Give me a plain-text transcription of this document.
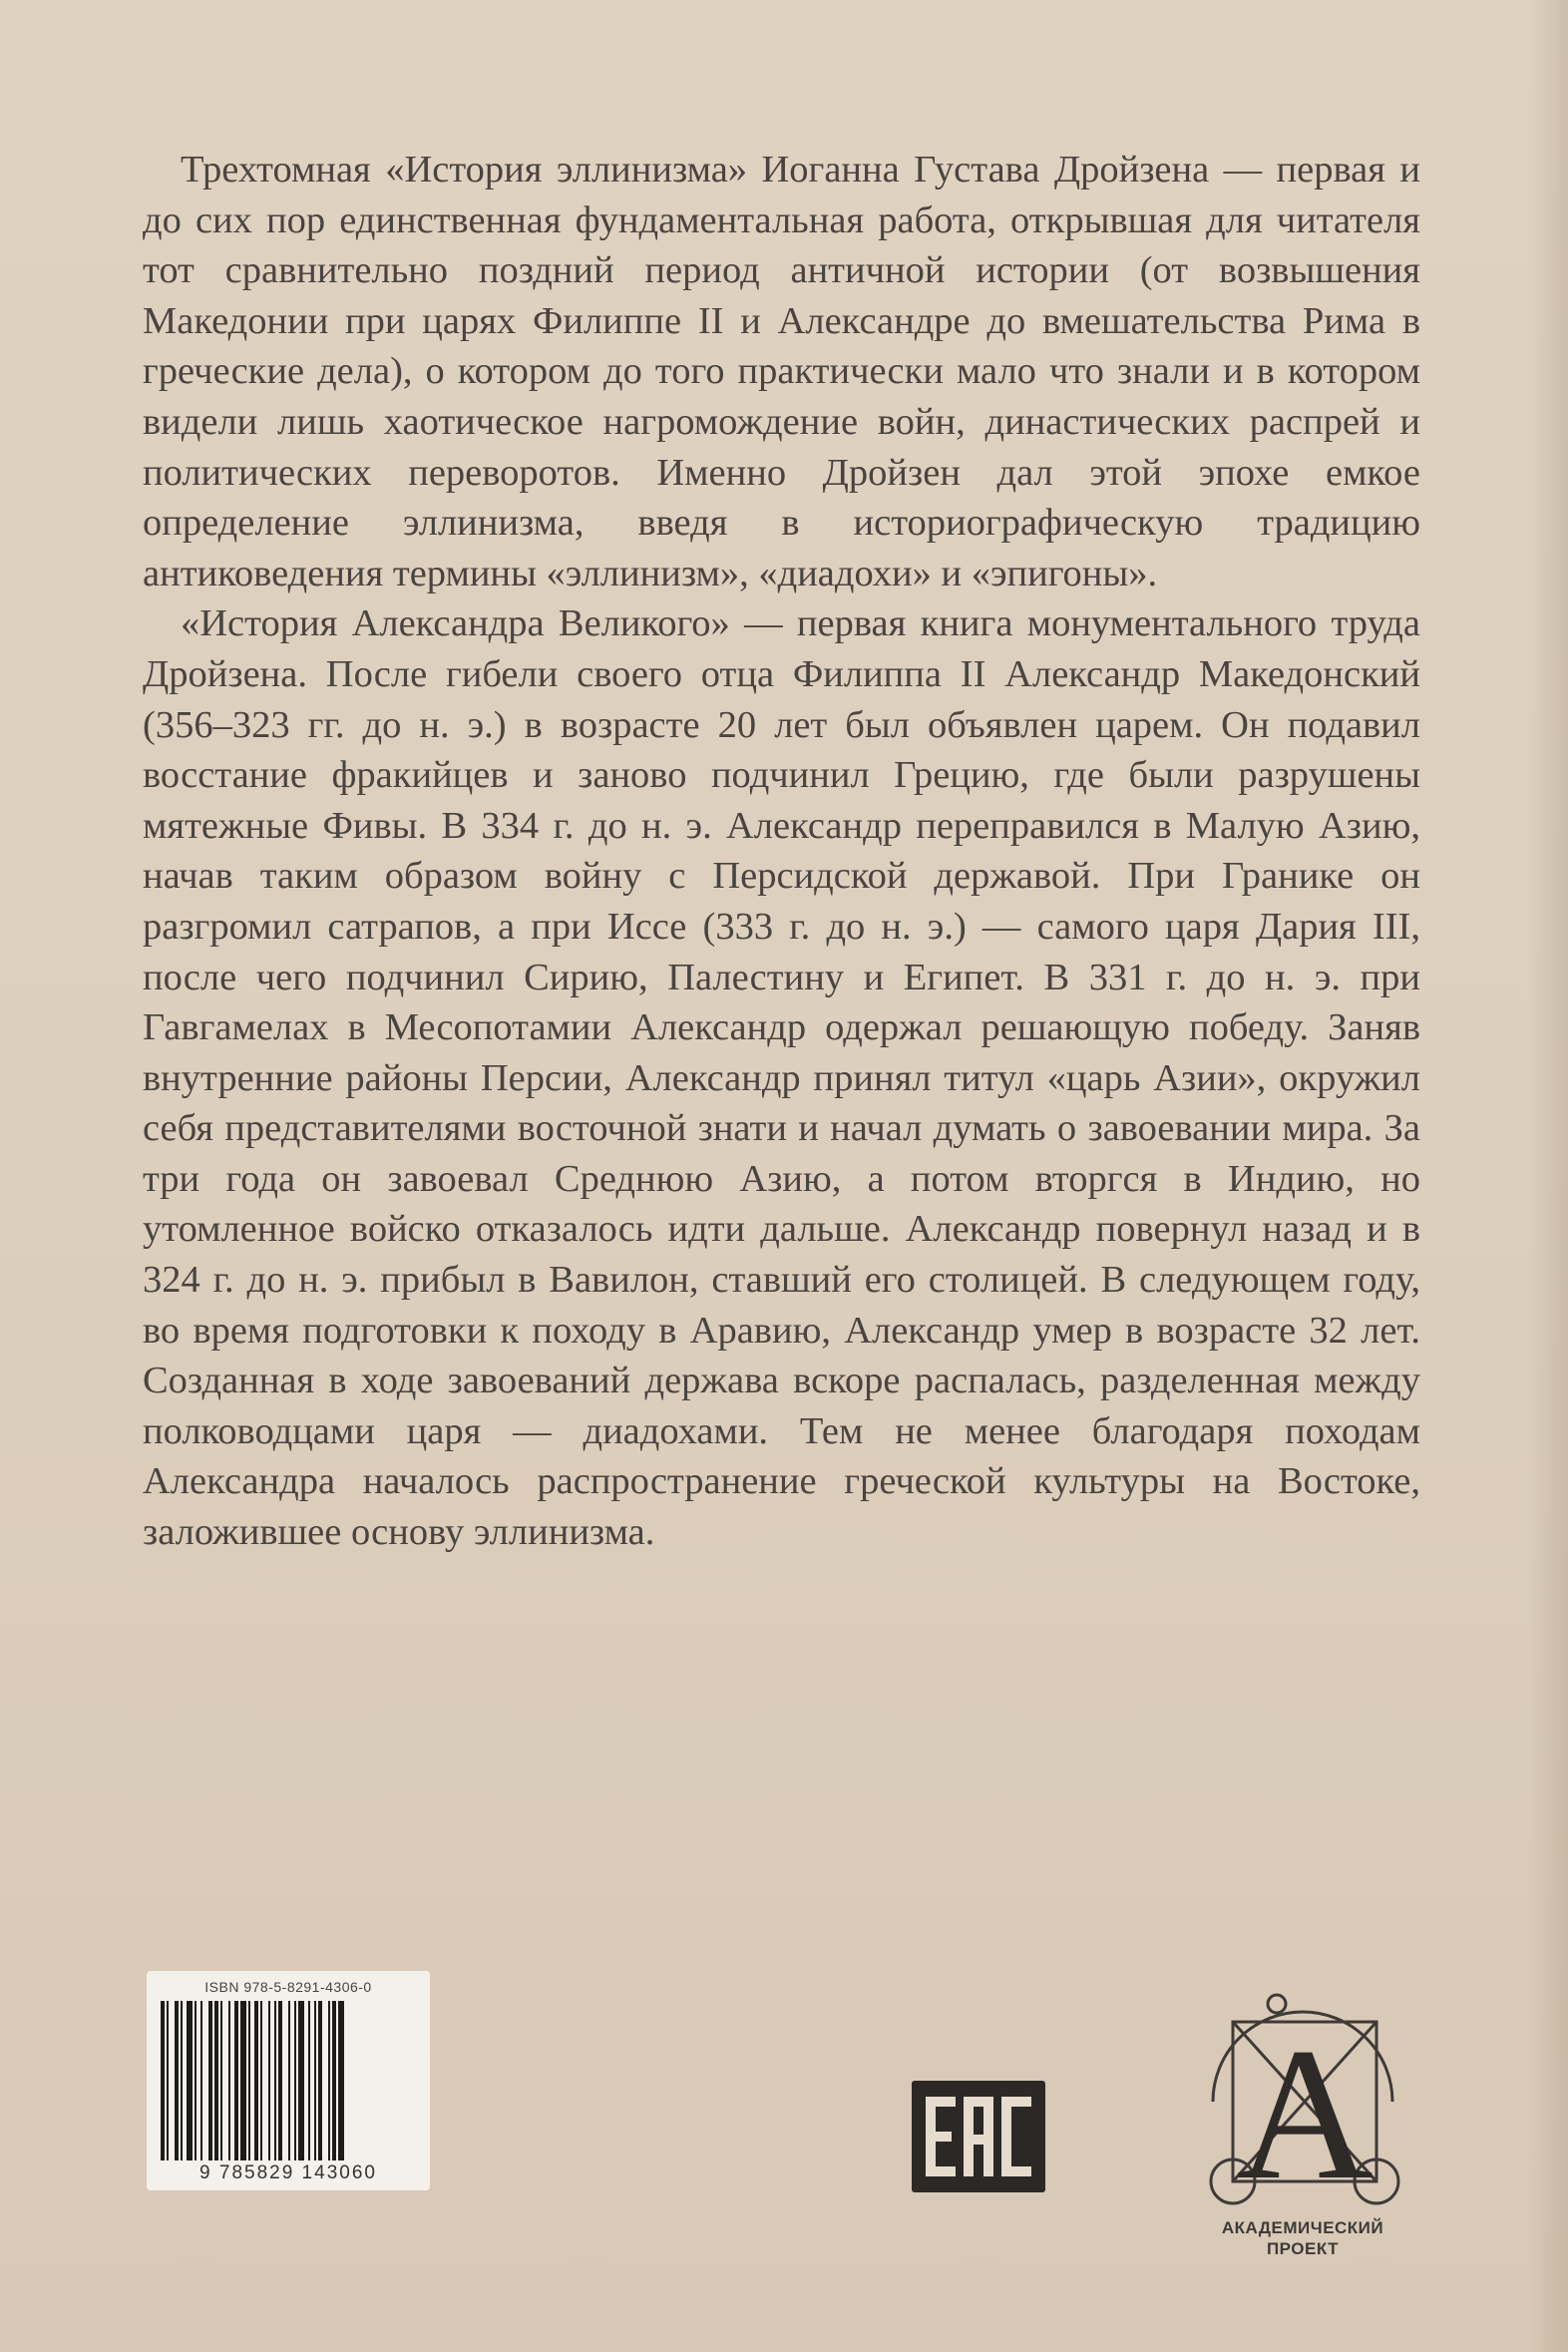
Трехтомная «История эллинизма» Иоганна Густава Дройзена — первая и до сих пор единственная фундаментальная работа, открывшая для читателя тот сравнительно поздний период античной истории (от возвышения Македонии при царях Филиппе II и Александре до вмешательства Рима в греческие дела), о котором до того практически мало что знали и в котором видели лишь хаотическое нагромождение войн, династических распрей и политических переворотов. Именно Дройзен дал этой эпохе емкое определение эллинизма, введя в историографическую традицию антиковедения термины «эллинизм», «диадохи» и «эпигоны».

«История Александра Великого» — первая книга монументального труда Дройзена. После гибели своего отца Филиппа II Александр Македонский (356–323 гг. до н. э.) в возрасте 20 лет был объявлен царем. Он подавил восстание фракийцев и заново подчинил Грецию, где были разрушены мятежные Фивы. В 334 г. до н. э. Александр переправился в Малую Азию, начав таким образом войну с Персидской державой. При Гранике он разгромил сатрапов, а при Иссе (333 г. до н. э.) — самого царя Дария III, после чего подчинил Сирию, Палестину и Египет. В 331 г. до н. э. при Гавгамелах в Месопотамии Александр одержал решающую победу. Заняв внутренние районы Персии, Александр принял титул «царь Азии», окружил себя представителями восточной знати и начал думать о завоевании мира. За три года он завоевал Среднюю Азию, а потом вторгся в Индию, но утомленное войско отказалось идти дальше. Александр повернул назад и в 324 г. до н. э. прибыл в Вавилон, ставший его столицей. В следующем году, во время подготовки к походу в Аравию, Александр умер в возрасте 32 лет. Созданная в ходе завоеваний держава вскоре распалась, разделенная между полководцами царя — диадохами. Тем не менее благодаря походам Александра началось распространение греческой культуры на Востоке, заложившее основу эллинизма.

ISBN 978-5-8291-4306-0
9 785829 143060	А
АКАДЕМИЧЕСКИЙ
ПРОЕКТ
